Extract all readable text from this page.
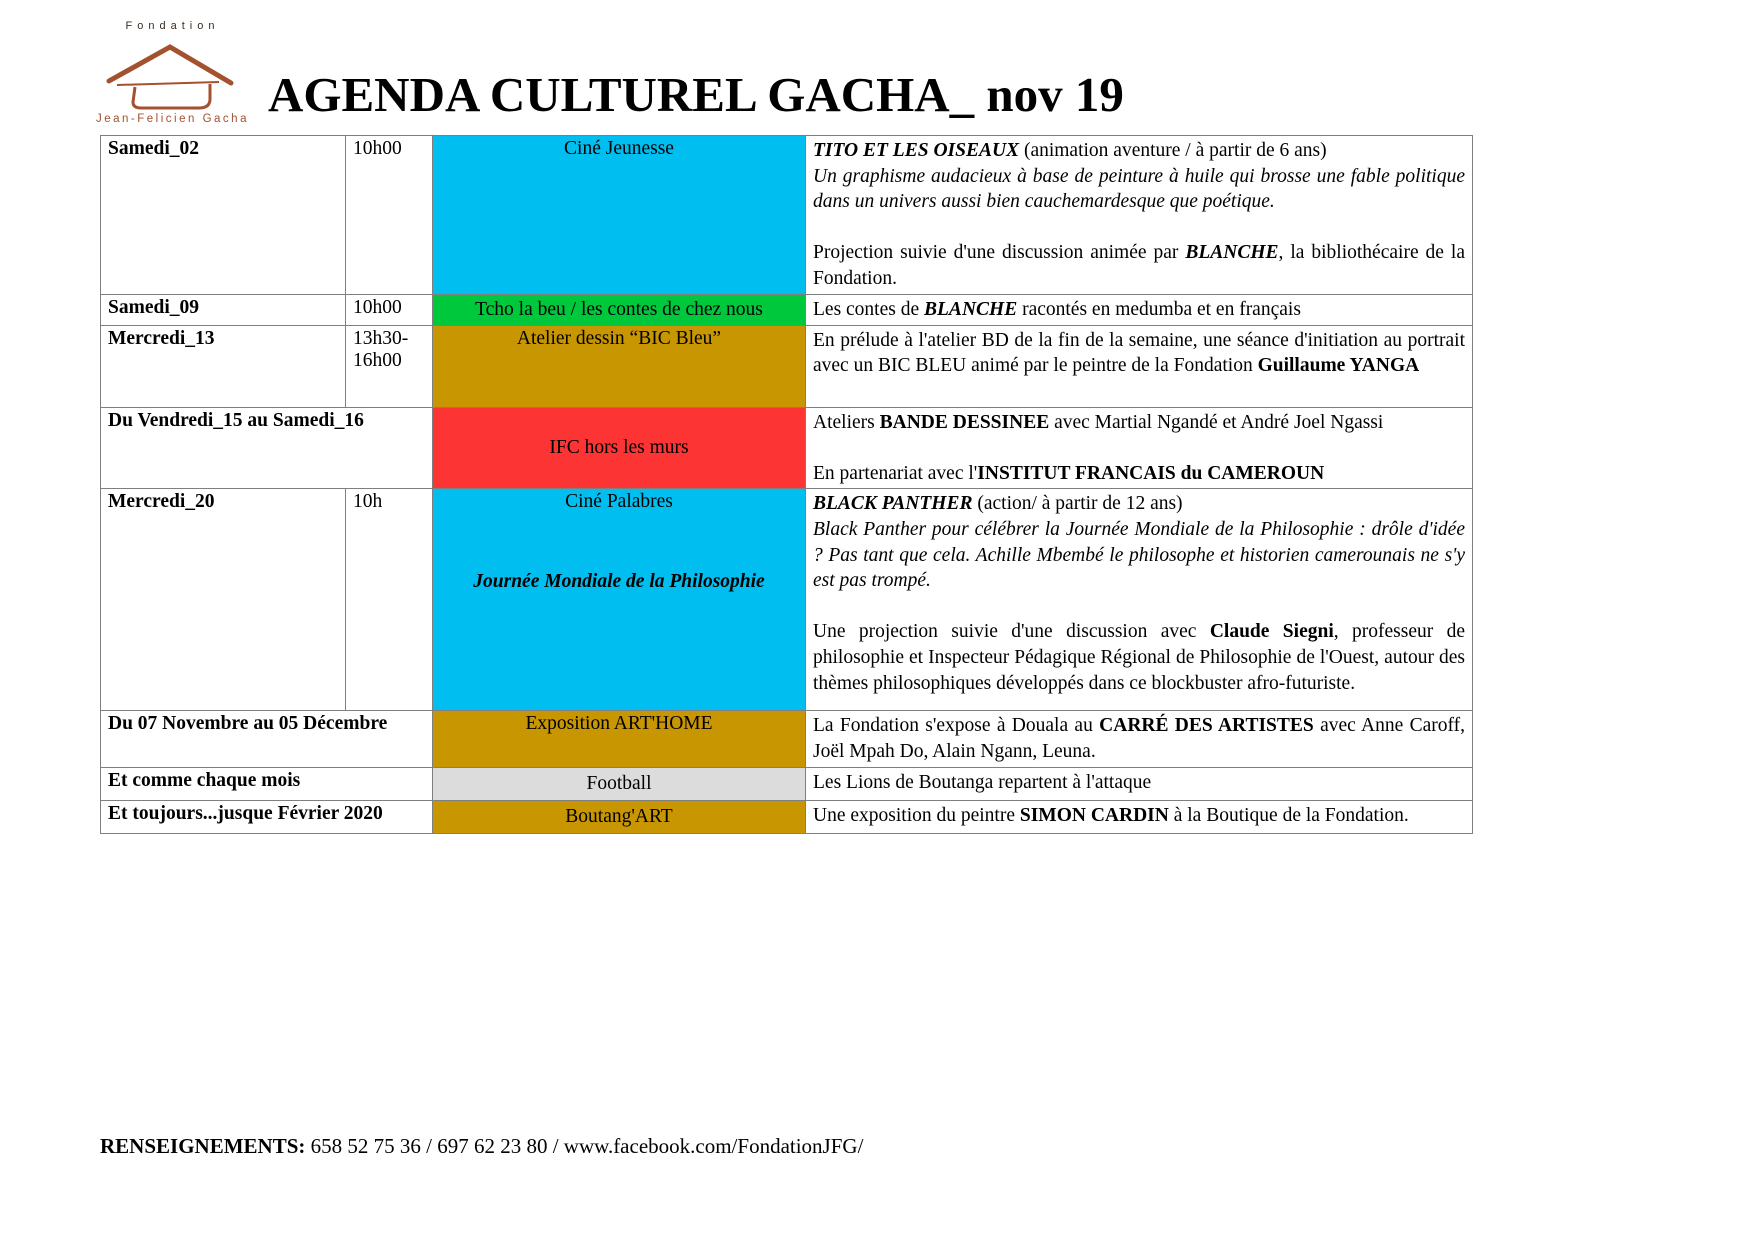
Fondation
Jean-Felicien Gacha AGENDA CULTUREL GACHA_ nov 19
Samedi_02	10h00	Ciné Jeunesse	TITO ET LES OISEAUX (animation aventure / à partir de 6 ans)
Un graphisme audacieux à base de peinture à huile qui brosse une fable politique dans un univers aussi bien cauchemardesque que poétique.

Projection suivie d'une discussion animée par BLANCHE, la bibliothécaire de la Fondation.

Samedi_09	10h00	Tcho la beu / les contes de chez nous	Les contes de BLANCHE racontés en medumba et en français

Mercredi_13	13h30-16h00	Atelier dessin “BIC Bleu”	En prélude à l'atelier BD de la fin de la semaine, une séance d'initiation au portrait avec un BIC BLEU animé par le peintre de la Fondation Guillaume YANGA

Du Vendredi_15 au Samedi_16		IFC hors les murs	Ateliers BANDE DESSINEE avec Martial Ngandé et André Joel Ngassi

En partenariat avec l'INSTITUT FRANCAIS du CAMEROUN

Mercredi_20	10h	Ciné Palabres
Journée Mondiale de la Philosophie

BLACK PANTHER (action/ à partir de 12 ans)
Black Panther pour célébrer la Journée Mondiale de la Philosophie : drôle d'idée ? Pas tant que cela. Achille Mbembé le philosophe et historien camerounais ne s'y est pas trompé.

Une projection suivie d'une discussion avec Claude Siegni, professeur de philosophie et Inspecteur Pédagique Régional de Philosophie de l'Ouest, autour des thèmes philosophiques développés dans ce blockbuster afro-futuriste.

Du 07 Novembre au 05 Décembre		Exposition ART'HOME	La Fondation s'expose à Douala au CARRÉ DES ARTISTES avec Anne Caroff, Joël Mpah Do, Alain Ngann, Leuna.

Et comme chaque mois		Football	Les Lions de Boutanga repartent à l'attaque

Et toujours...jusque Février 2020		Boutang'ART	Une exposition du peintre SIMON CARDIN à la Boutique de la Fondation.
RENSEIGNEMENTS: 658 52 75 36 / 697 62 23 80 / www.facebook.com/FondationJFG/
